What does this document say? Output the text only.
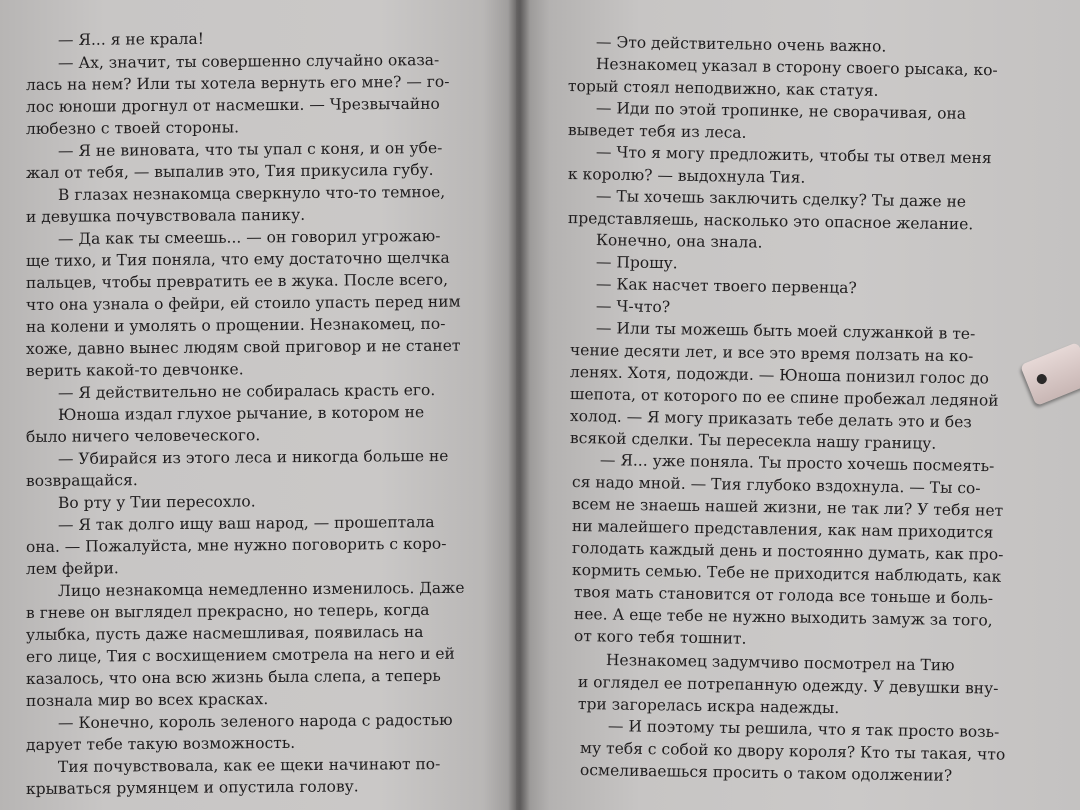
— Я... я не крала!

— Ах, значит, ты совершенно случайно оказа-

лась на нем? Или ты хотела вернуть его мне? — го-

лос юноши дрогнул от насмешки. — Чрезвычайно

любезно с твоей стороны.

— Я не виновата, что ты упал с коня, и он убе-

жал от тебя, — выпалив это, Тия прикусила губу.

В глазах незнакомца сверкнуло что-то темное,

и девушка почувствовала панику.

— Да как ты смеешь... — он говорил угрожаю-

ще тихо, и Тия поняла, что ему достаточно щелчка

пальцев, чтобы превратить ее в жука. После всего,

что она узнала о фейри, ей стоило упасть перед ним

на колени и умолять о прощении. Незнакомец, по-

хоже, давно вынес людям свой приговор и не станет

верить какой-то девчонке.

— Я действительно не собиралась красть его.

Юноша издал глухое рычание, в котором не

было ничего человеческого.

— Убирайся из этого леса и никогда больше не

возвращайся.

Во рту у Тии пересохло.

— Я так долго ищу ваш народ, — прошептала

она. — Пожалуйста, мне нужно поговорить с коро-

лем фейри.

Лицо незнакомца немедленно изменилось. Даже

в гневе он выглядел прекрасно, но теперь, когда

улыбка, пусть даже насмешливая, появилась на

его лице, Тия с восхищением смотрела на него и ей

казалось, что она всю жизнь была слепа, а теперь

познала мир во всех красках.

— Конечно, король зеленого народа с радостью

дарует тебе такую возможность.

Тия почувствовала, как ее щеки начинают по-

крываться румянцем и опустила голову.

— Это действительно очень важно.

Незнакомец указал в сторону своего рысака, ко-

торый стоял неподвижно, как статуя.

— Иди по этой тропинке, не сворачивая, она

выведет тебя из леса.

— Что я могу предложить, чтобы ты отвел меня

к королю? — выдохнула Тия.

— Ты хочешь заключить сделку? Ты даже не

представляешь, насколько это опасное желание.

Конечно, она знала.

— Прошу.

— Как насчет твоего первенца?

— Ч-что?

— Или ты можешь быть моей служанкой в те-

чение десяти лет, и все это время ползать на ко-

ленях. Хотя, подожди. — Юноша понизил голос до

шепота, от которого по ее спине пробежал ледяной

холод. — Я могу приказать тебе делать это и без

всякой сделки. Ты пересекла нашу границу.

— Я... уже поняла. Ты просто хочешь посмеять-

ся надо мной. — Тия глубоко вздохнула. — Ты со-

всем не знаешь нашей жизни, не так ли? У тебя нет

ни малейшего представления, как нам приходится

голодать каждый день и постоянно думать, как про-

кормить семью. Тебе не приходится наблюдать, как

твоя мать становится от голода все тоньше и боль-

нее. А еще тебе не нужно выходить замуж за того,

от кого тебя тошнит.

Незнакомец задумчиво посмотрел на Тию

и оглядел ее потрепанную одежду. У девушки вну-

три загорелась искра надежды.

— И поэтому ты решила, что я так просто возь-

му тебя с собой ко двору короля? Кто ты такая, что

осмеливаешься просить о таком одолжении?
